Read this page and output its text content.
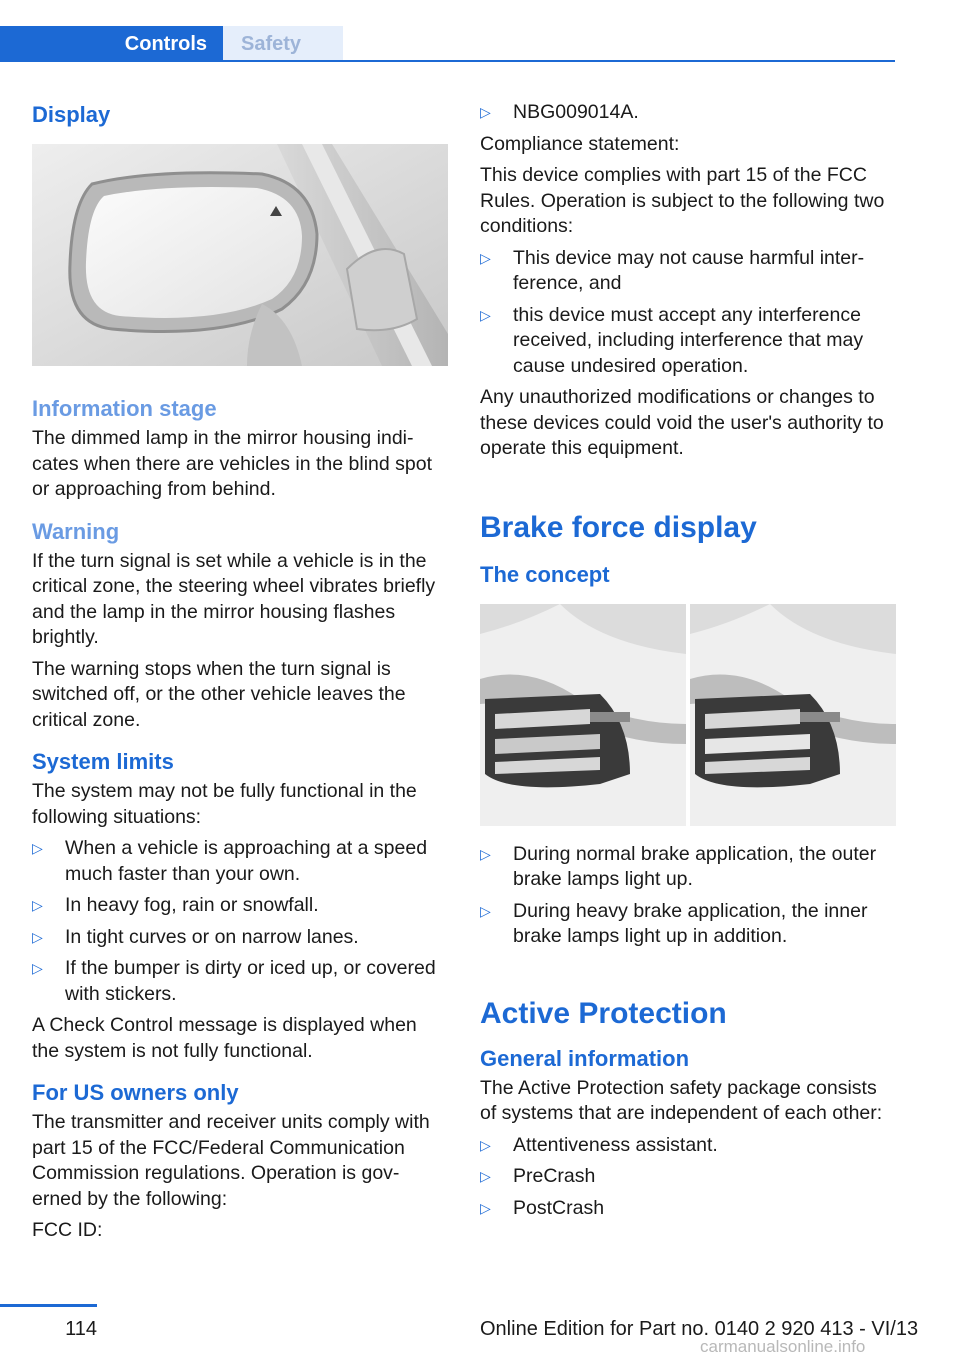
Controls	Safety
Display
Information stage

The dimmed lamp in the mirror housing indi-cates when there are vehicles in the blind spot or approaching from behind.

Warning

If the turn signal is set while a vehicle is in the critical zone, the steering wheel vibrates briefly and the lamp in the mirror housing flashes brightly.

The warning stops when the turn signal is switched off, or the other vehicle leaves the critical zone.

System limits

The system may not be fully functional in the following situations:

▷ When a vehicle is approaching at a speed much faster than your own.
▷ In heavy fog, rain or snowfall.
▷ In tight curves or on narrow lanes.
▷ If the bumper is dirty or iced up, or covered with stickers.

A Check Control message is displayed when the system is not fully functional.

For US owners only

The transmitter and receiver units comply with part 15 of the FCC/Federal Communication Commission regulations. Operation is gov-erned by the following:

FCC ID:

▷ NBG009014A.

Compliance statement:

This device complies with part 15 of the FCC Rules. Operation is subject to the following two conditions:

▷ This device may not cause harmful inter-ference, and
▷ this device must accept any interference received, including interference that may cause undesired operation.

Any unauthorized modifications or changes to these devices could void the user's authority to operate this equipment.

Brake force display
The concept
▷ During normal brake application, the outer brake lamps light up.
▷ During heavy brake application, the inner brake lamps light up in addition.
Active Protection
General information

The Active Protection safety package consists of systems that are independent of each other:

▷ Attentiveness assistant.
▷ PreCrash
▷ PostCrash
114	Online Edition for Part no. 0140 2 920 413 - VI/13
carmanualsonline.info
